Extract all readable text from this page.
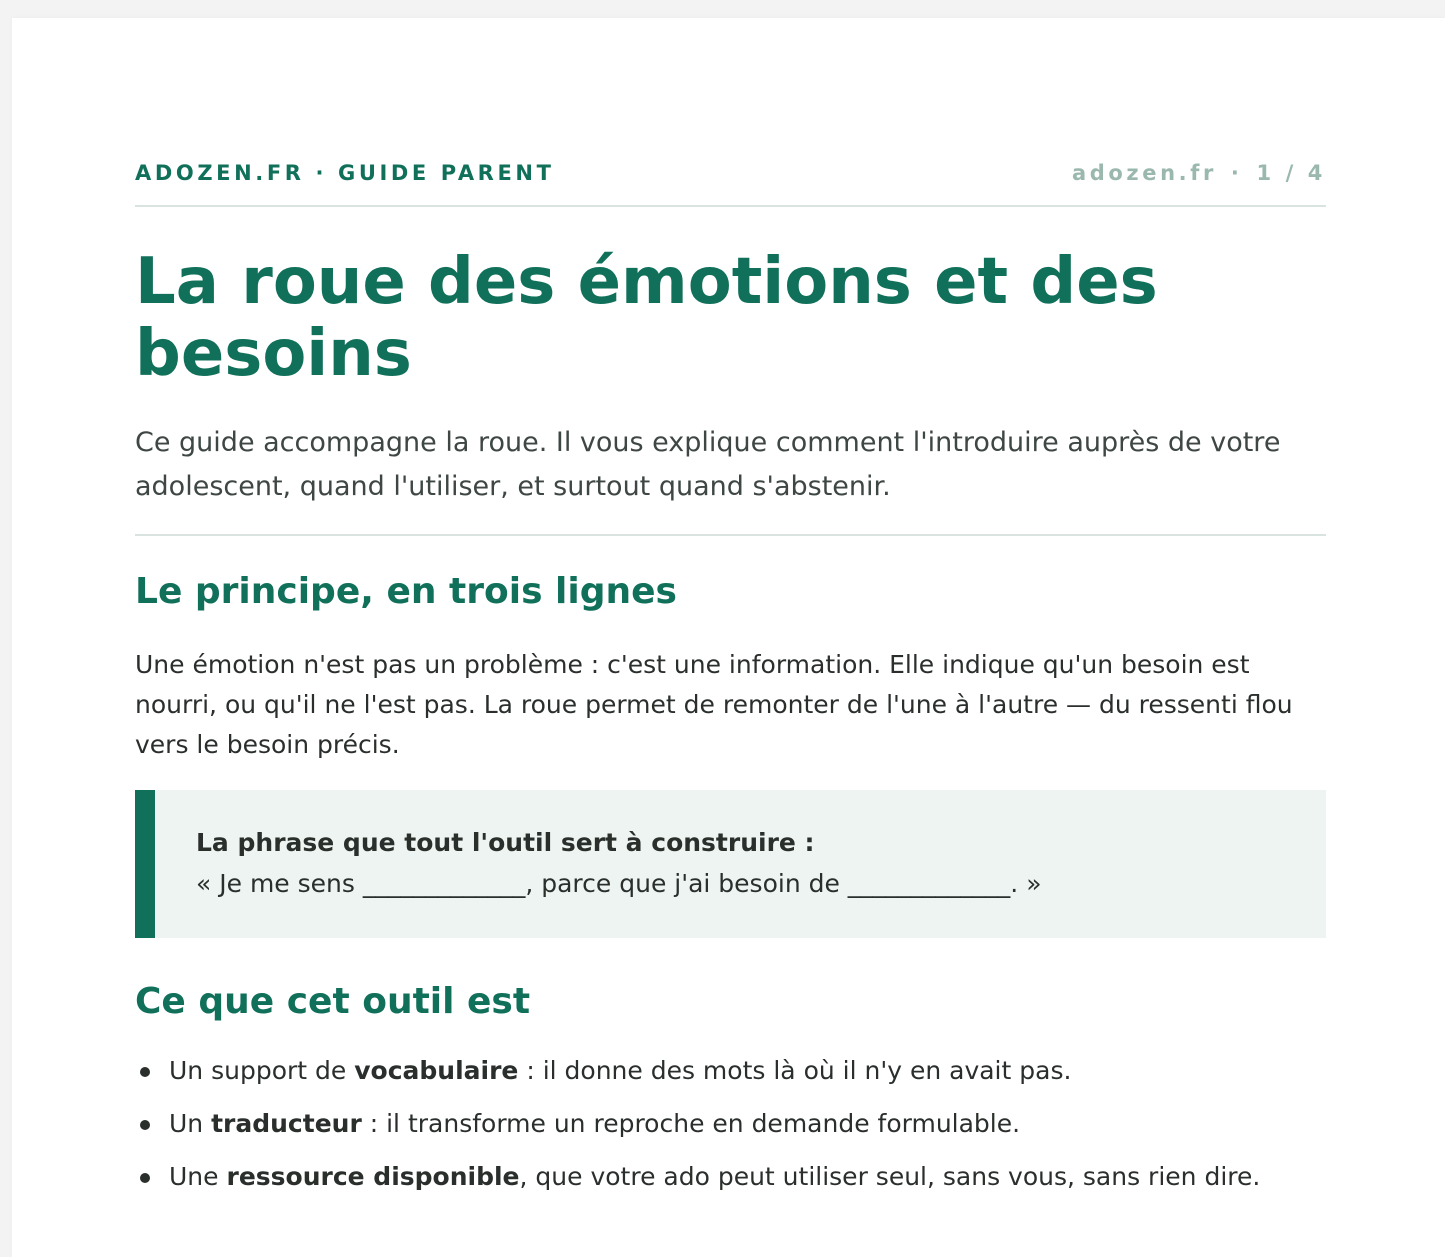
ADOZEN.FR · GUIDE PARENT	adozen.fr · 1 / 4
La roue des émotions et des besoins

Ce guide accompagne la roue. Il vous explique comment l'introduire auprès de votre adolescent, quand l'utiliser, et surtout quand s'abstenir.

Le principe, en trois lignes

Une émotion n'est pas un problème : c'est une information. Elle indique qu'un besoin est nourri, ou qu'il ne l'est pas. La roue permet de remonter de l'une à l'autre — du ressenti flou vers le besoin précis.

La phrase que tout l'outil sert à construire :
« Je me sens _____________, parce que j'ai besoin de _____________. »
Ce que cet outil est
Un support de vocabulaire : il donne des mots là où il n'y en avait pas.
Un traducteur : il transforme un reproche en demande formulable.
Une ressource disponible, que votre ado peut utiliser seul, sans vous, sans rien dire.
